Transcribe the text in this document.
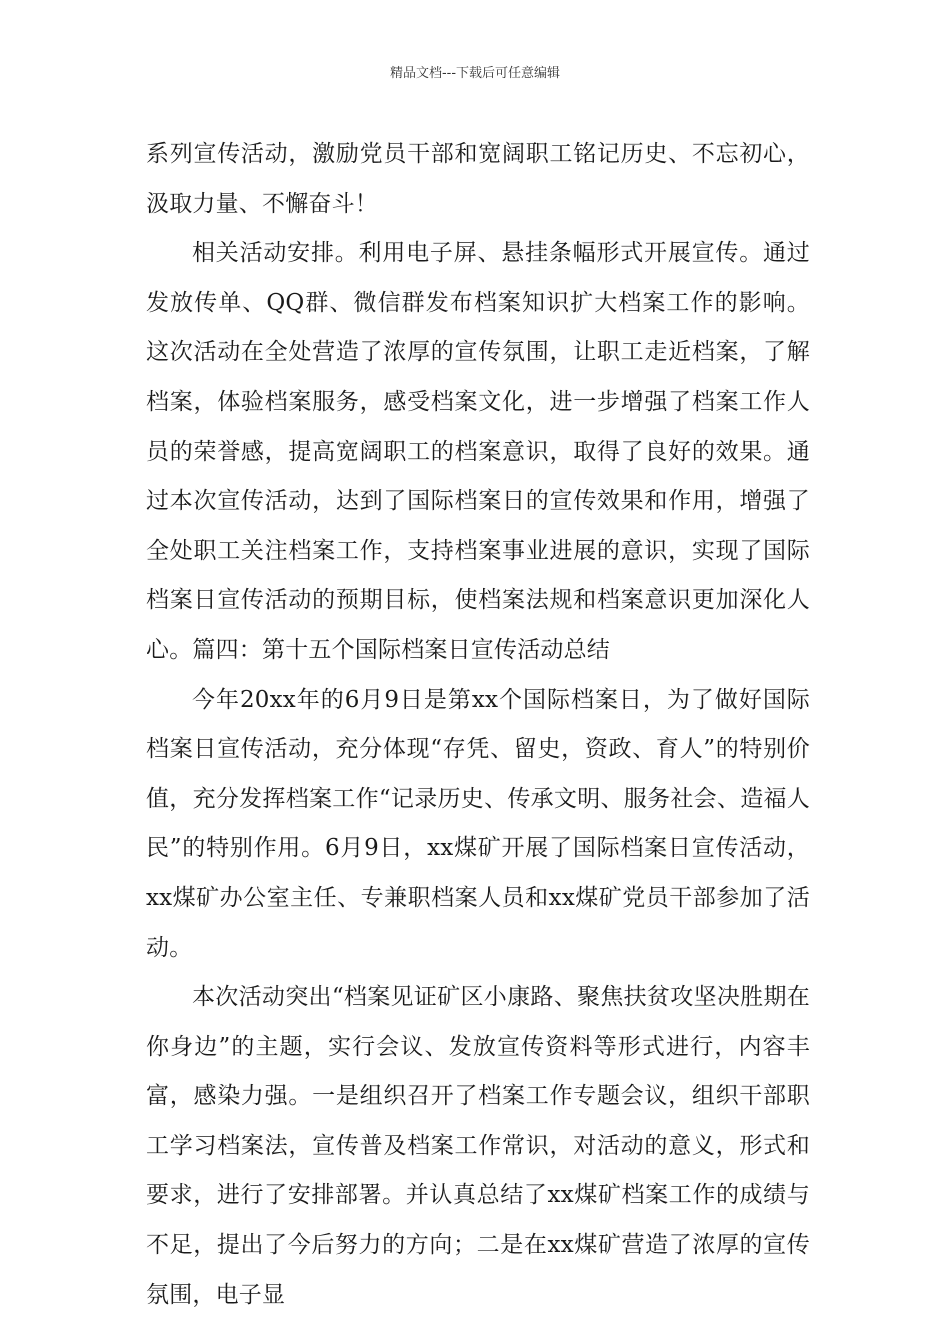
精品文档---下载后可任意编辑

系列宣传活动，激励党员干部和宽阔职工铭记历史、不忘初心，汲取力量、不懈奋斗！

相关活动安排。利用电子屏、悬挂条幅形式开展宣传。通过发放传单、QQ群、微信群发布档案知识扩大档案工作的影响。这次活动在全处营造了浓厚的宣传氛围，让职工走近档案，了解档案，体验档案服务，感受档案文化，进一步增强了档案工作人员的荣誉感，提高宽阔职工的档案意识，取得了良好的效果。通过本次宣传活动，达到了国际档案日的宣传效果和作用，增强了全处职工关注档案工作，支持档案事业进展的意识，实现了国际档案日宣传活动的预期目标，使档案法规和档案意识更加深化人心。篇四：第十五个国际档案日宣传活动总结

今年20xx年的6月9日是第xx个国际档案日，为了做好国际档案日宣传活动，充分体现“存凭、留史，资政、育人”的特别价值，充分发挥档案工作“记录历史、传承文明、服务社会、造福人民”的特别作用。6月9日，xx煤矿开展了国际档案日宣传活动，xx煤矿办公室主任、专兼职档案人员和xx煤矿党员干部参加了活动。

本次活动突出“档案见证矿区小康路、聚焦扶贫攻坚决胜期在你身边”的主题，实行会议、发放宣传资料等形式进行，内容丰富，感染力强。一是组织召开了档案工作专题会议，组织干部职工学习档案法，宣传普及档案工作常识，对活动的意义，形式和要求，进行了安排部署。并认真总结了xx煤矿档案工作的成绩与不足，提出了今后努力的方向；二是在xx煤矿营造了浓厚的宣传氛围，电子显
